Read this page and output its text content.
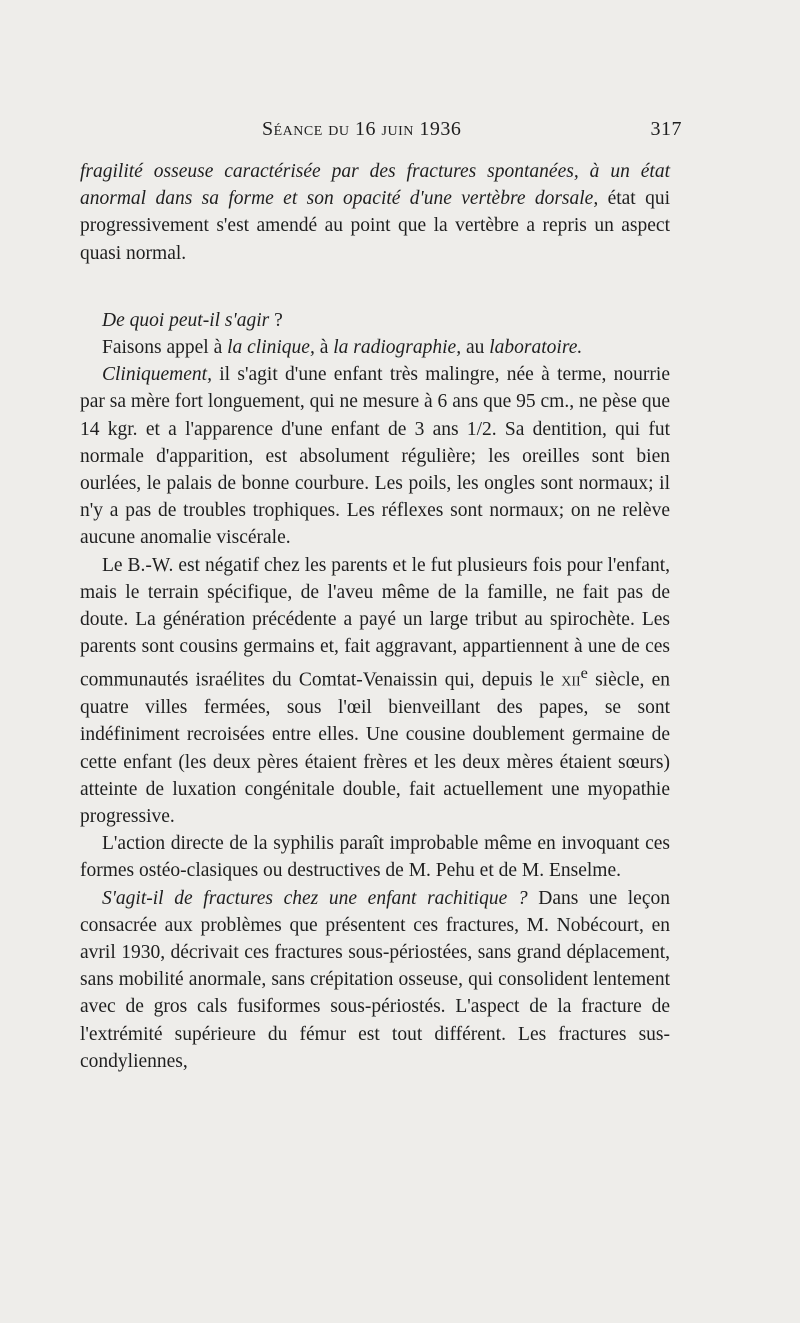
Séance du 16 juin 1936	317

fragilité osseuse caractérisée par des fractures spontanées, à un état anormal dans sa forme et son opacité d'une vertèbre dorsale, état qui progressivement s'est amendé au point que la vertèbre a repris un aspect quasi normal.

De quoi peut-il s'agir ?

Faisons appel à la clinique, à la radiographie, au laboratoire.

Cliniquement, il s'agit d'une enfant très malingre, née à terme, nourrie par sa mère fort longuement, qui ne mesure à 6 ans que 95 cm., ne pèse que 14 kgr. et a l'apparence d'une enfant de 3 ans 1/2. Sa dentition, qui fut normale d'apparition, est absolument régulière; les oreilles sont bien ourlées, le palais de bonne courbure. Les poils, les ongles sont normaux; il n'y a pas de troubles trophiques. Les réflexes sont normaux; on ne relève aucune anomalie viscérale.

Le B.-W. est négatif chez les parents et le fut plusieurs fois pour l'enfant, mais le terrain spécifique, de l'aveu même de la famille, ne fait pas de doute. La génération précédente a payé un large tribut au spirochète. Les parents sont cousins germains et, fait aggravant, appartiennent à une de ces communautés israélites du Comtat-Venaissin qui, depuis le xii$^e$ siècle, en quatre villes fermées, sous l'œil bienveillant des papes, se sont indéfiniment recroisées entre elles. Une cousine doublement germaine de cette enfant (les deux pères étaient frères et les deux mères étaient sœurs) atteinte de luxation congénitale double, fait actuellement une myopathie progressive.

L'action directe de la syphilis paraît improbable même en invoquant ces formes ostéo-clasiques ou destructives de M. Pehu et de M. Enselme.

S'agit-il de fractures chez une enfant rachitique ? Dans une leçon consacrée aux problèmes que présentent ces fractures, M. Nobécourt, en avril 1930, décrivait ces fractures sous-périostées, sans grand déplacement, sans mobilité anormale, sans crépitation osseuse, qui consolident lentement avec de gros cals fusiformes sous-périostés. L'aspect de la fracture de l'extrémité supérieure du fémur est tout différent. Les fractures sus-condyliennes,
